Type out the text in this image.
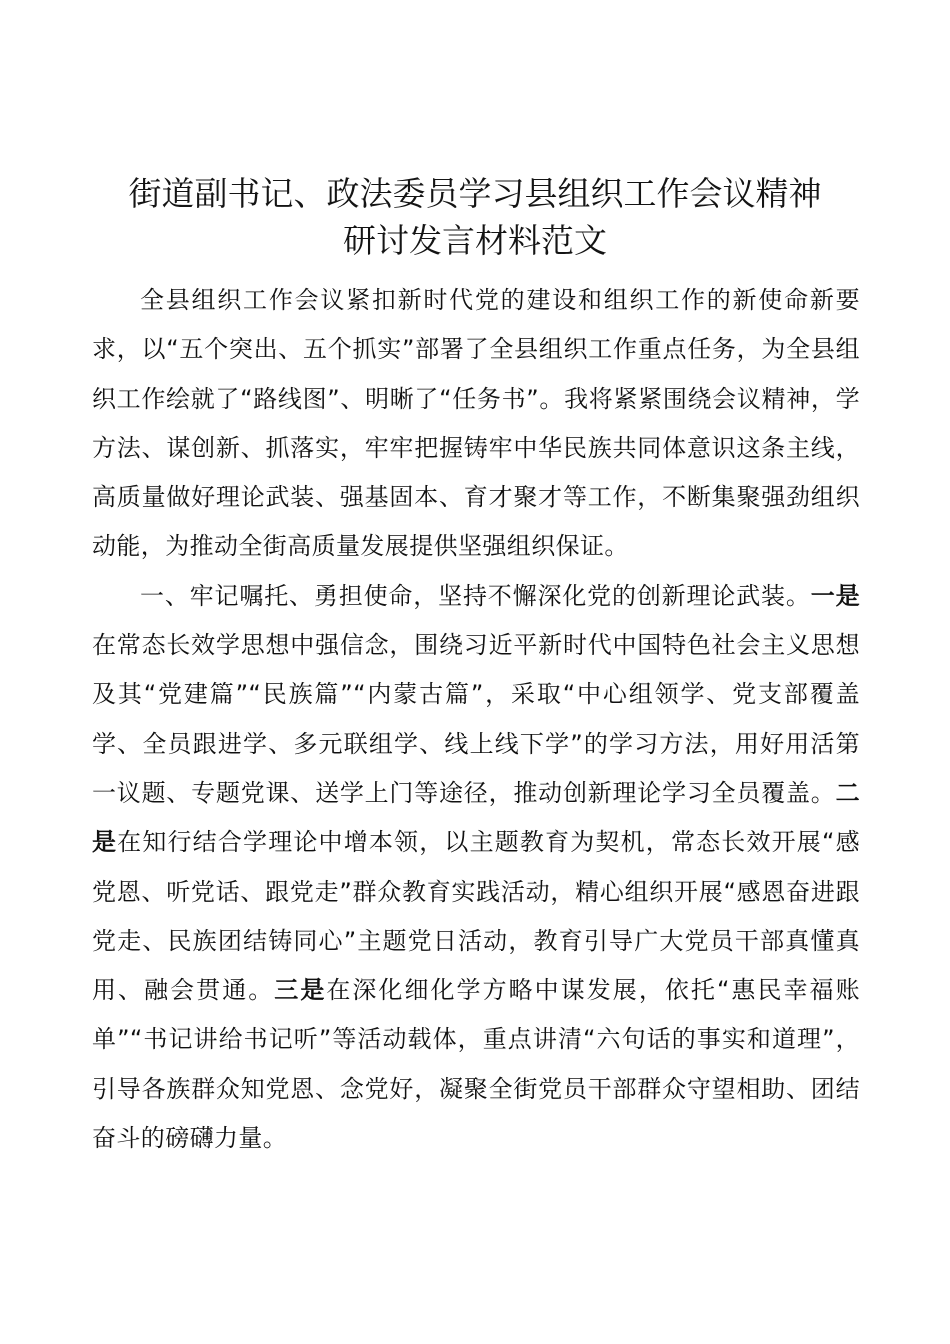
街道副书记、政法委员学习县组织工作会议精神
研讨发言材料范文

全县组织工作会议紧扣新时代党的建设和组织工作的新使命新要求，以“五个突出、五个抓实”部署了全县组织工作重点任务，为全县组织工作绘就了“路线图”、明晰了“任务书”。我将紧紧围绕会议精神，学方法、谋创新、抓落实，牢牢把握铸牢中华民族共同体意识这条主线，高质量做好理论武装、强基固本、育才聚才等工作，不断集聚强劲组织动能，为推动全街高质量发展提供坚强组织保证。

一、牢记嘱托、勇担使命，坚持不懈深化党的创新理论武装。一是在常态长效学思想中强信念，围绕习近平新时代中国特色社会主义思想及其“党建篇”“民族篇”“内蒙古篇”，采取“中心组领学、党支部覆盖学、全员跟进学、多元联组学、线上线下学”的学习方法，用好用活第一议题、专题党课、送学上门等途径，推动创新理论学习全员覆盖。二是在知行结合学理论中增本领，以主题教育为契机，常态长效开展“感党恩、听党话、跟党走”群众教育实践活动，精心组织开展“感恩奋进跟党走、民族团结铸同心”主题党日活动，教育引导广大党员干部真懂真用、融会贯通。三是在深化细化学方略中谋发展，依托“惠民幸福账单”“书记讲给书记听”等活动载体，重点讲清“六句话的事实和道理”，引导各族群众知党恩、念党好，凝聚全街党员干部群众守望相助、团结奋斗的磅礴力量。
